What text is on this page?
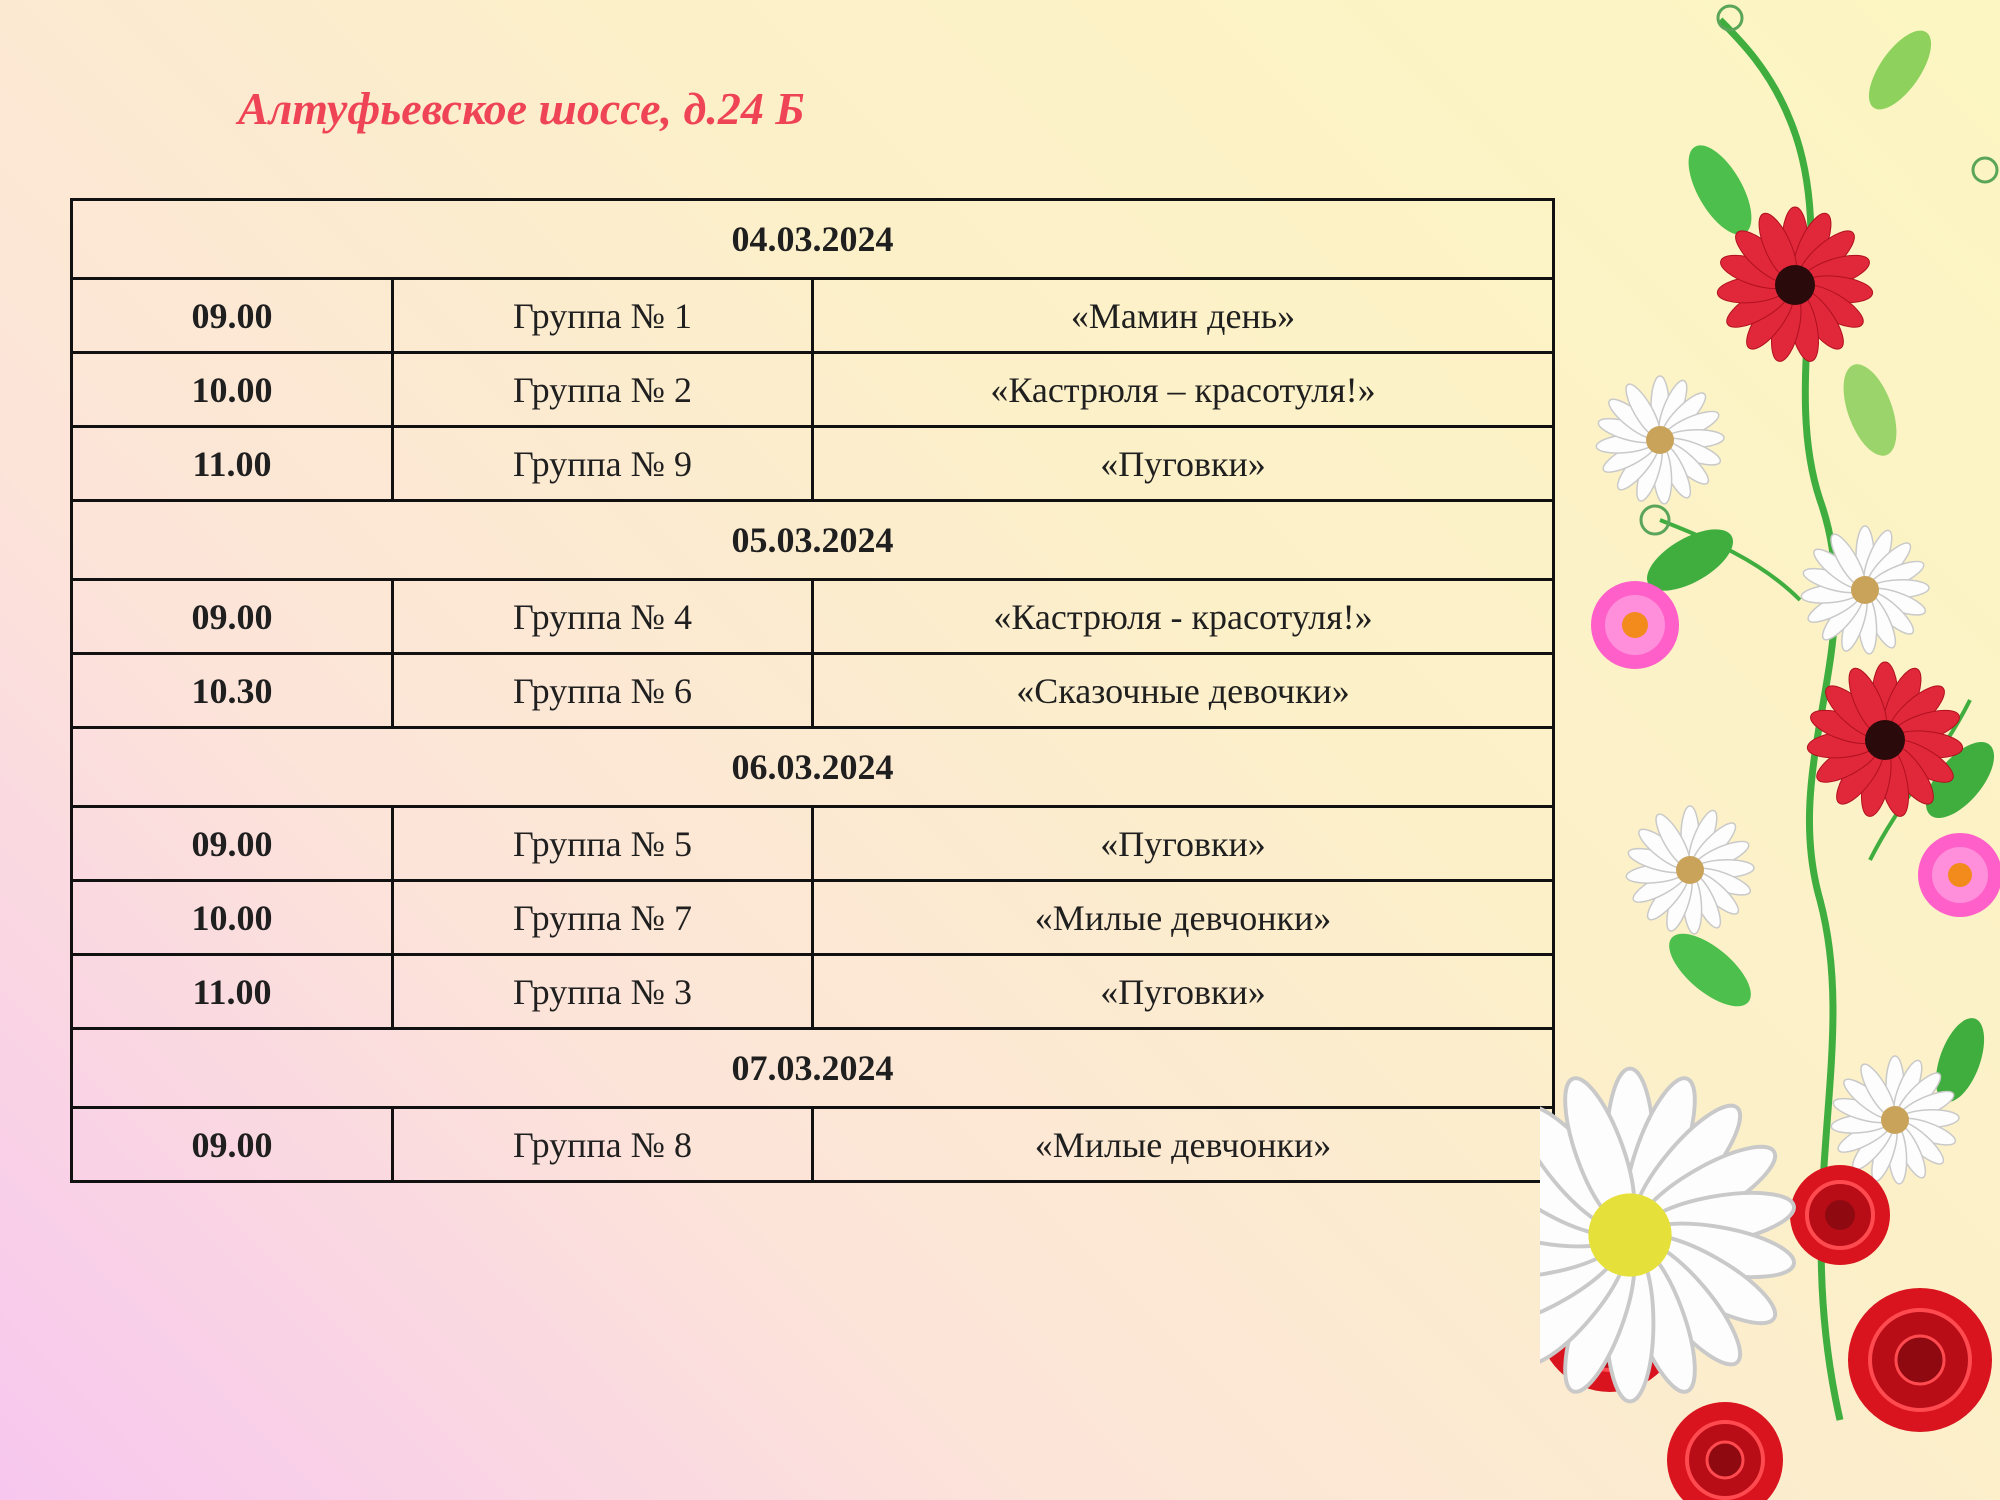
Алтуфьевское шоссе, д.24 Б
04.03.2024		
09.00	Группа № 1	«Мамин день»
10.00	Группа № 2	«Кастрюля – красотуля!»
11.00	Группа № 9	«Пуговки»
05.03.2024		
09.00	Группа № 4	«Кастрюля - красотуля!»
10.30	Группа № 6	«Сказочные девочки»
06.03.2024		
09.00	Группа № 5	«Пуговки»
10.00	Группа № 7	«Милые девчонки»
11.00	Группа № 3	«Пуговки»
07.03.2024		
09.00	Группа № 8	«Милые девчонки»
